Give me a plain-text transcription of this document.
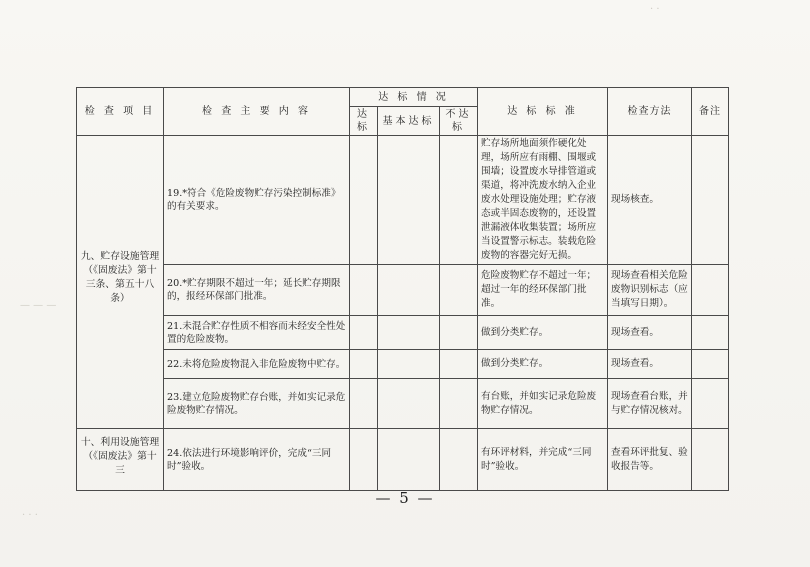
— — —
· · ·
· ·
检 查 项 目	检 查 主 要 内 容	达 标 情 况			达 标 标 准	检查方法	备注
		达标	基本达标	不达标			

九、贮存设施管理（《固废法》第十三条、第五十八条）	19.*符合《危险废物贮存污染控制标准》的有关要求。				贮存场所地面须作硬化处理，场所应有雨棚、围堰或围墙；设置废水导排管道或渠道，将冲洗废水纳入企业废水处理设施处理；贮存液态或半固态废物的，还设置泄漏液体收集装置；场所应当设置警示标志。装载危险废物的容器完好无损。	现场核查。	
	20.*贮存期限不超过一年；延长贮存期限的，报经环保部门批准。				危险废物贮存不超过一年；超过一年的经环保部门批准。	现场查看相关危险废物识别标志（应当填写日期）。	
	21.未混合贮存性质不相容而未经安全性处置的危险废物。				做到分类贮存。	现场查看。	
	22.未将危险废物混入非危险废物中贮存。				做到分类贮存。	现场查看。	
	23.建立危险废物贮存台账，并如实记录危险废物贮存情况。				有台账，并如实记录危险废物贮存情况。	现场查看台账，并与贮存情况核对。	
十、利用设施管理（《固废法》第十三	24.依法进行环境影响评价，完成“三同时”验收。				有环评材料，并完成“三同时”验收。	查看环评批复、验收报告等。	
— 5 —
